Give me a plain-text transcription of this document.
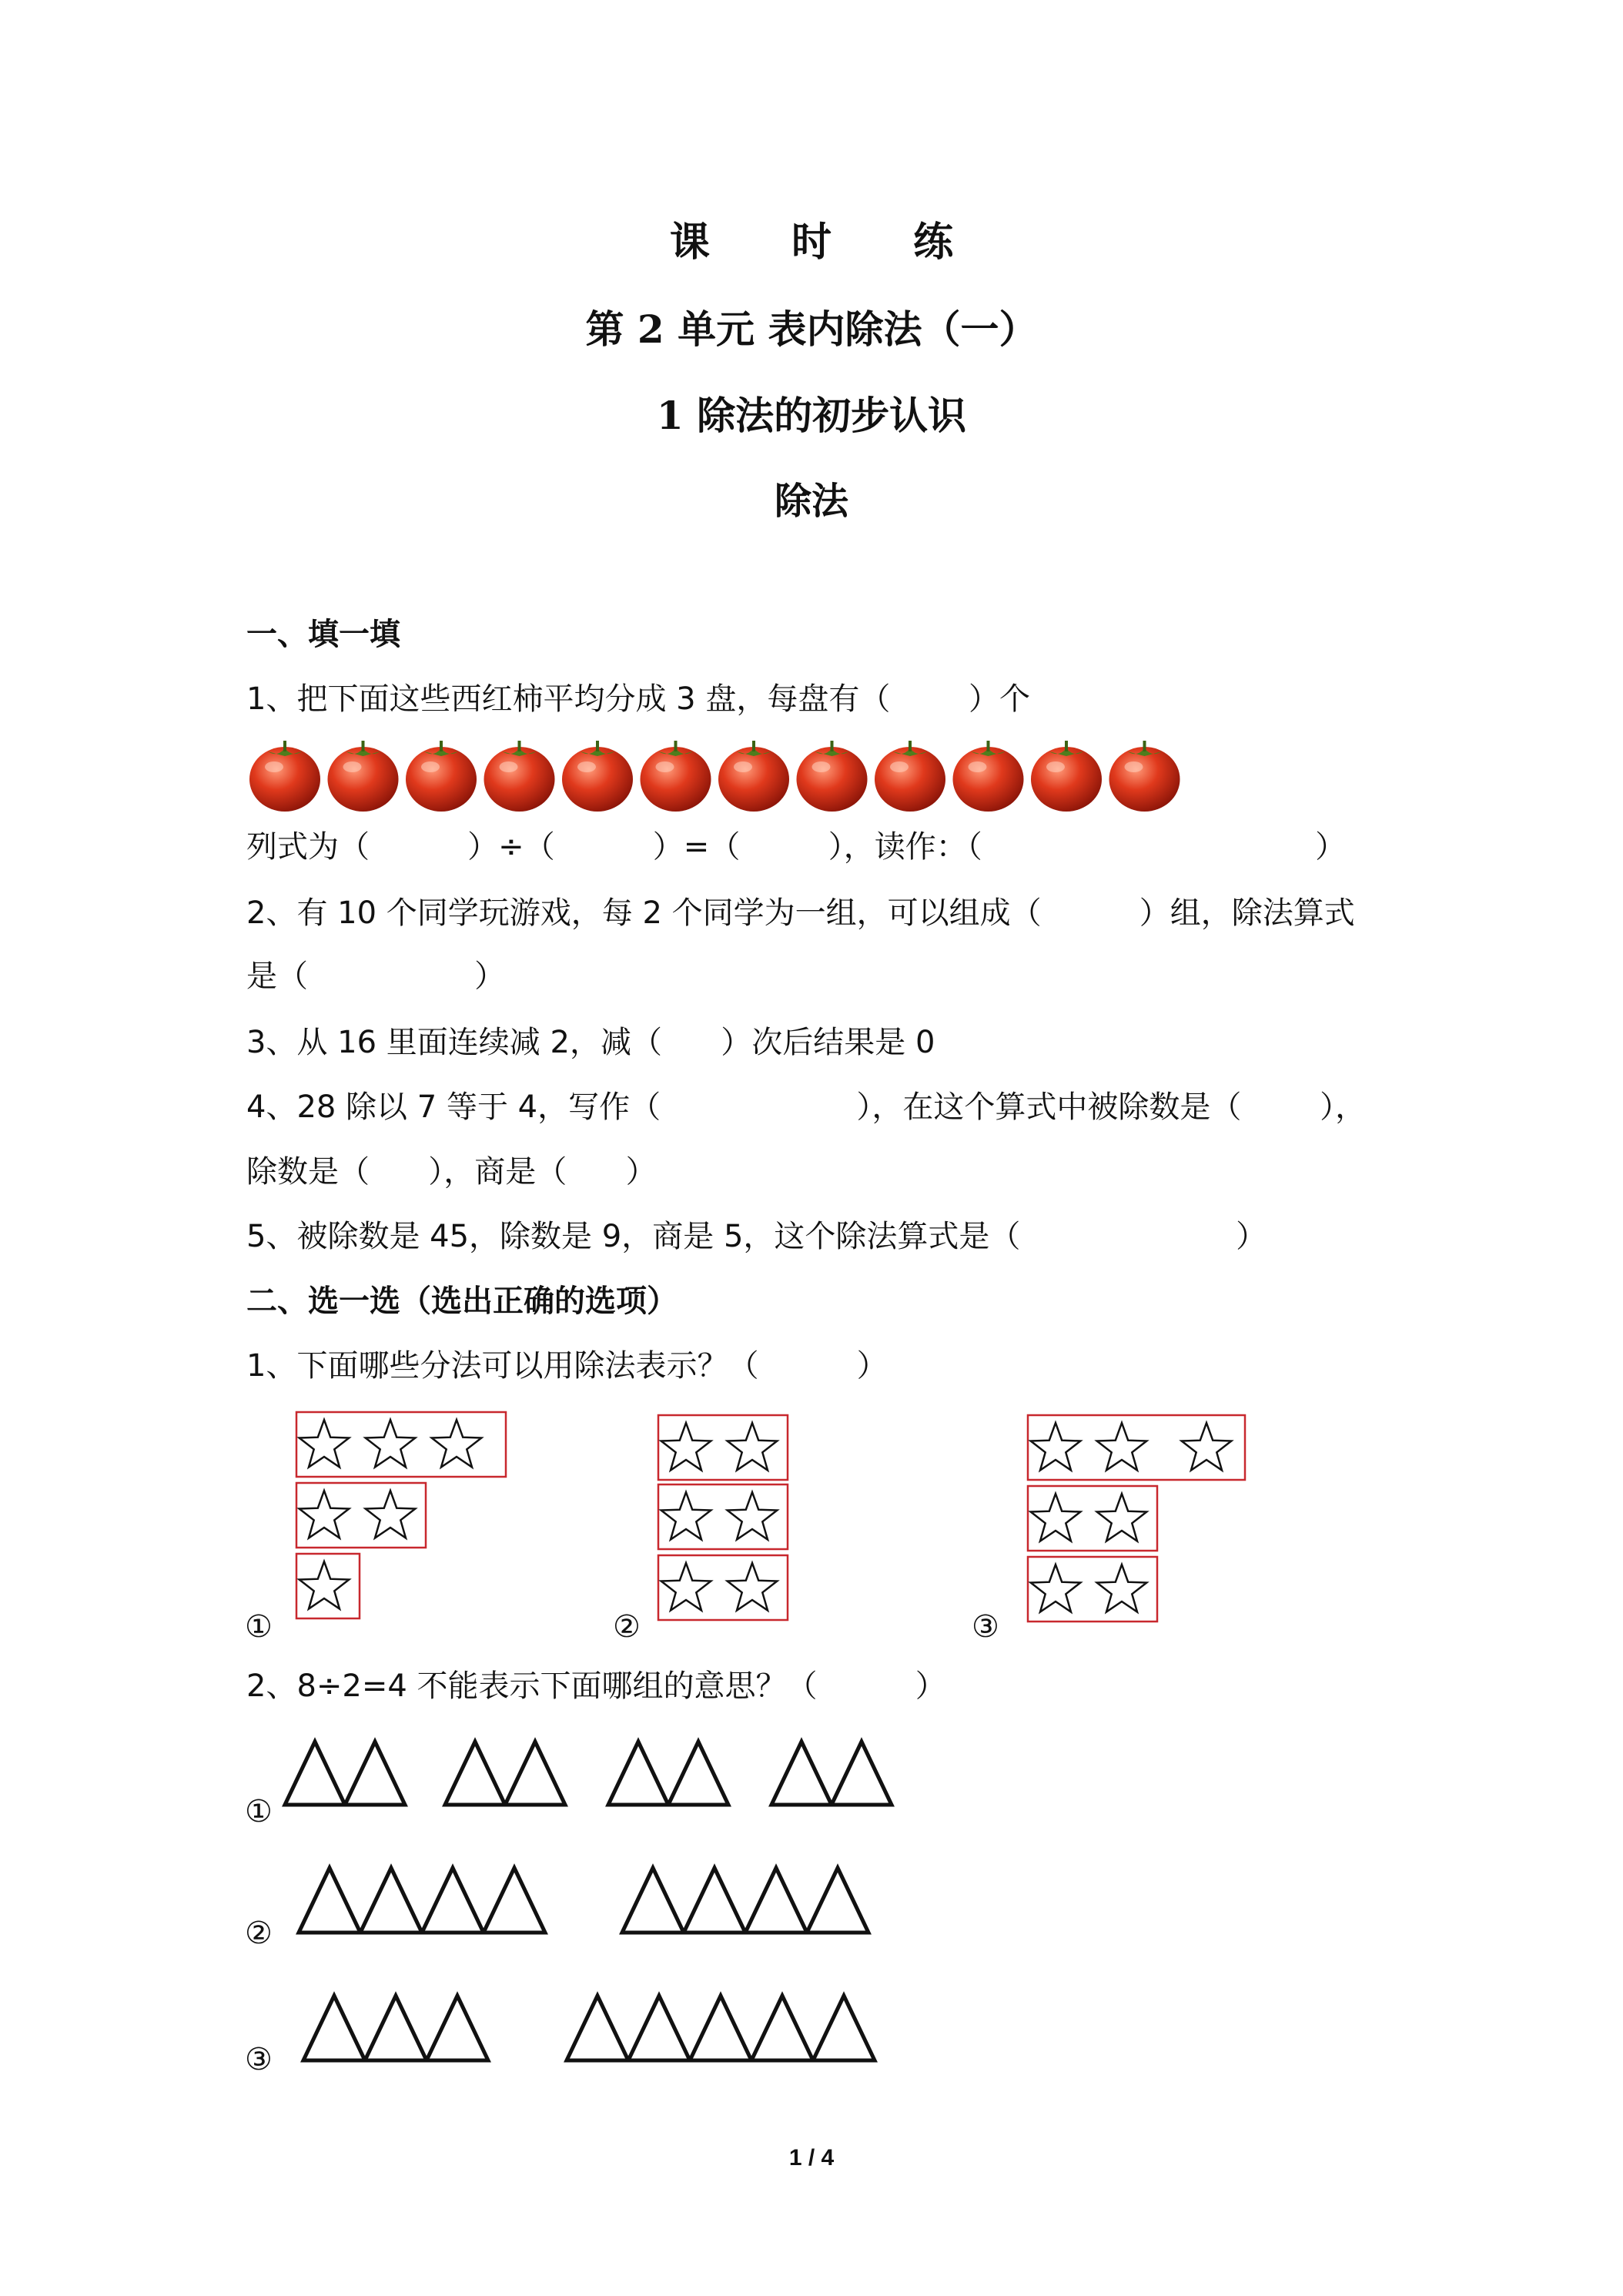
课 时 练
第 2 单元 表内除法（一）
1 除法的初步认识
除法
一、填一填
1、把下面这些西红柿平均分成 3 盘，每盘有（        ）个
列式为（          ）÷（          ）=（         ），读作：（                                  ）
2、有 10 个同学玩游戏，每 2 个同学为一组，可以组成（          ）组，除法算式
是（                 ）
3、从 16 里面连续减 2，减（      ）次后结果是 0
4、28 除以 7 等于 4，写作（                    ），在这个算式中被除数是（        ），
除数是（      ），商是（      ）
5、被除数是 45，除数是 9，商是 5，这个除法算式是（                      ）
二、选一选（选出正确的选项）
1、下面哪些分法可以用除法表示？（          ）
①	②	③
2、8÷2=4 不能表示下面哪组的意思？（          ）
①
②
③
1 / 4
